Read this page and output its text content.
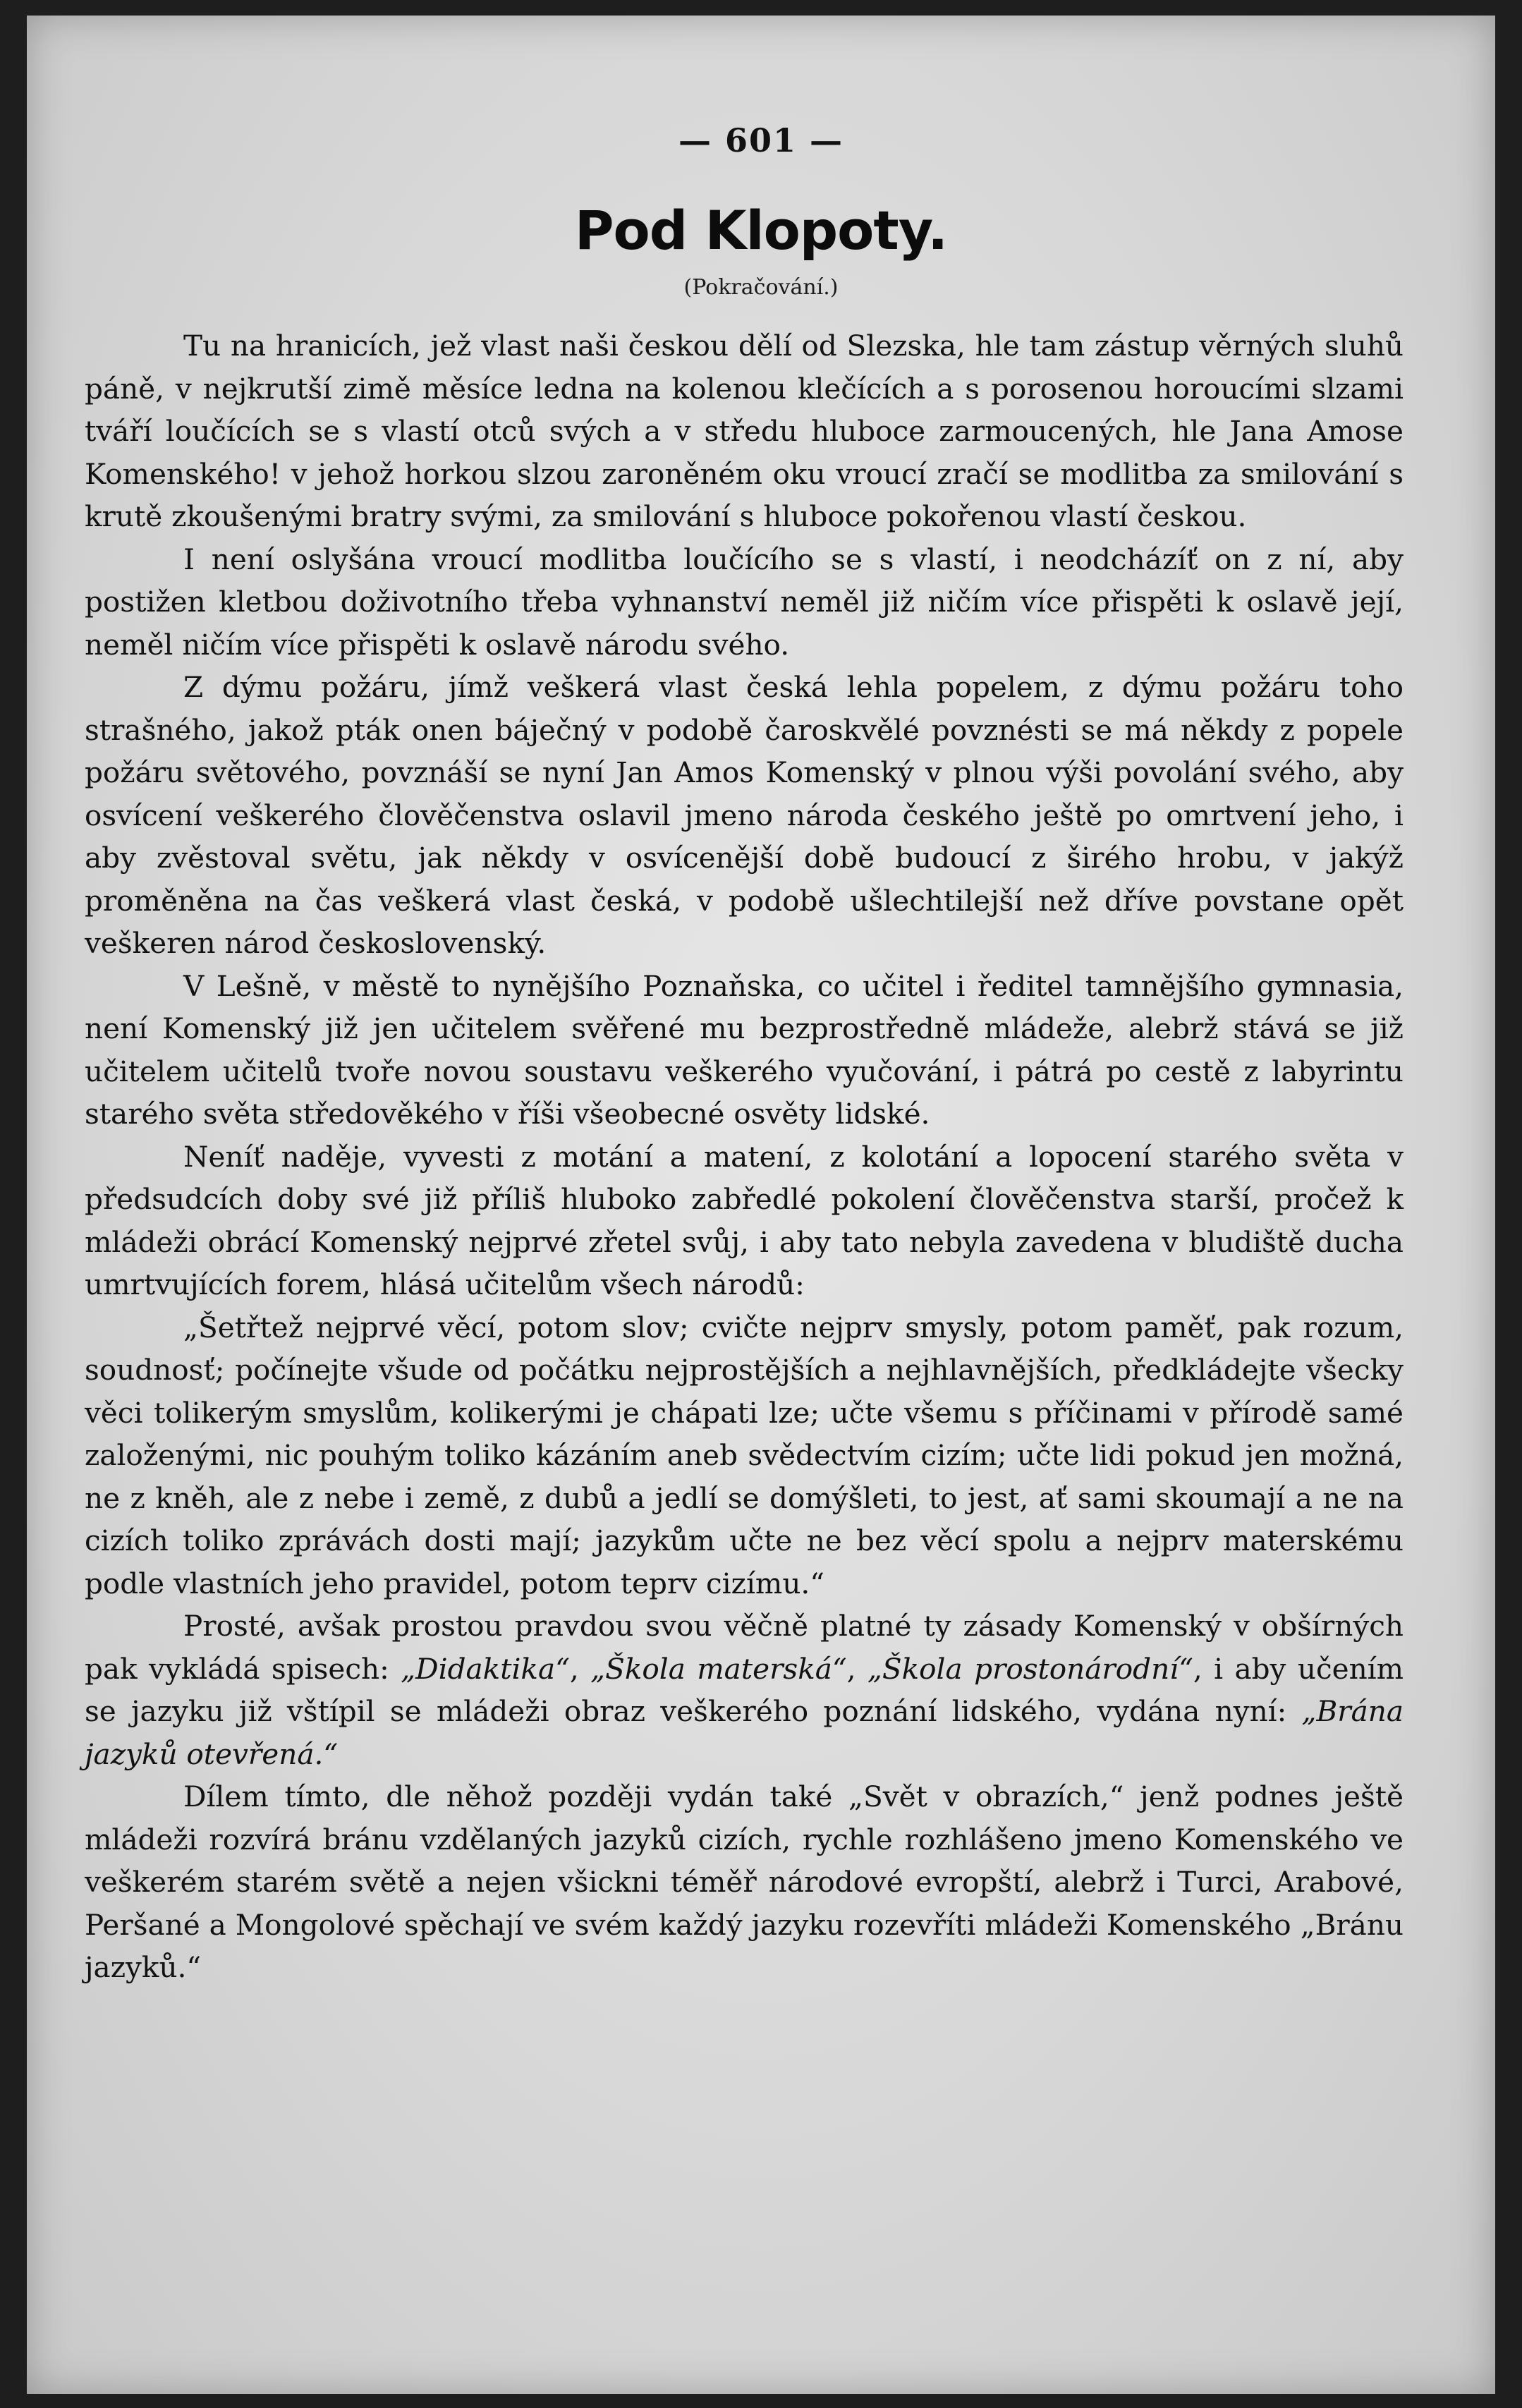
— 601 —
Pod Klopoty.
(Pokračování.)

Tu na hranicích, jež vlast naši českou dělí od Slezska, hle tam zástup věrných sluhů páně, v nejkrutší zimě měsíce ledna na kolenou klečících a s porosenou horoucími slzami tváří loučících se s vlastí otců svých a v středu hluboce zarmoucených, hle Jana Amose Komenského! v jehož horkou slzou zaroněném oku vroucí zračí se modlitba za smilování s krutě zkoušenými bratry svými, za smilování s hluboce pokořenou vlastí českou.

I není oslyšána vroucí modlitba loučícího se s vlastí, i neodcházíť on z ní, aby postižen kletbou doživotního třeba vyhnanství neměl již ničím více přispěti k oslavě její, neměl ničím více přispěti k oslavě národu svého.

Z dýmu požáru, jímž veškerá vlast česká lehla popelem, z dýmu požáru toho strašného, jakož pták onen báječný v podobě čaroskvělé povznésti se má někdy z popele požáru světového, povznáší se nyní Jan Amos Komenský v plnou výši povolání svého, aby osvícení veškerého člověčenstva oslavil jmeno národa českého ještě po omrtvení jeho, i aby zvěstoval světu, jak někdy v osvícenější době budoucí z širého hrobu, v jakýž proměněna na čas veškerá vlast česká, v podobě ušlechtilejší než dříve povstane opět veškeren národ československý.

V Lešně, v městě to nynějšího Poznaňska, co učitel i ředitel tamnějšího gymnasia, není Komenský již jen učitelem svěřené mu bezprostředně mládeže, alebrž stává se již učitelem učitelů tvoře novou soustavu veškerého vyučování, i pátrá po cestě z labyrintu starého světa středověkého v říši všeobecné osvěty lidské.

Neníť naděje, vyvesti z motání a matení, z kolotání a lopocení starého světa v předsudcích doby své již příliš hluboko zabředlé pokolení člověčenstva starší, pročež k mládeži obrácí Komenský nejprvé zřetel svůj, i aby tato nebyla zavedena v bludiště ducha umrtvujících forem, hlásá učitelům všech národů:

„Šetřtež nejprvé věcí, potom slov; cvičte nejprv smysly, potom paměť, pak rozum, soudnosť; počínejte všude od počátku nejprostějších a nejhlavnějších, předkládejte všecky věci tolikerým smyslům, kolikerými je chápati lze; učte všemu s příčinami v přírodě samé založenými, nic pouhým toliko kázáním aneb svědectvím cizím; učte lidi pokud jen možná, ne z kněh, ale z nebe i země, z dubů a jedlí se domýšleti, to jest, ať sami skoumají a ne na cizích toliko zprávách dosti mají; jazykům učte ne bez věcí spolu a nejprv materskému podle vlastních jeho pravidel, potom teprv cizímu.“

Prosté, avšak prostou pravdou svou věčně platné ty zásady Komenský v obšírných pak vykládá spisech: „Didaktika“, „Škola materská“, „Škola prostonárodní“, i aby učením se jazyku již vštípil se mládeži obraz veškerého poznání lidského, vydána nyní: „Brána jazyků otevřená.“

Dílem tímto, dle něhož později vydán také „Svět v obrazích,“ jenž podnes ještě mládeži rozvírá bránu vzdělaných jazyků cizích, rychle rozhlášeno jmeno Komenského ve veškerém starém světě a nejen všickni téměř národové evropští, alebrž i Turci, Arabové, Peršané a Mongolové spěchají ve svém každý jazyku rozevříti mládeži Komenského „Bránu jazyků.“
